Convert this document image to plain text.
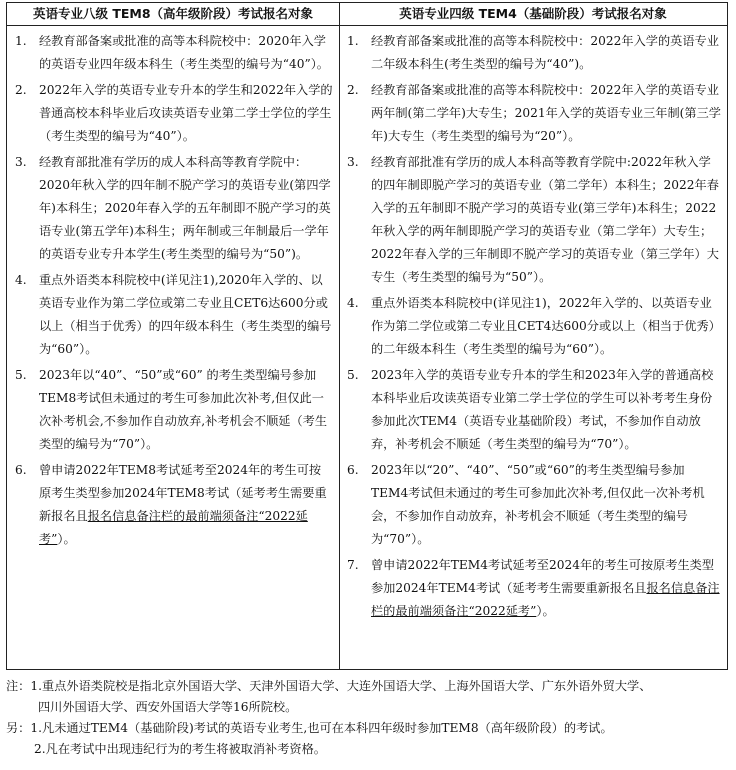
英语专业八级 TEM8（高年级阶段）考试报名对象
1. 经教育部备案或批准的高等本科院校中：2020年入学的英语专业四年级本科生（考生类型的编号为“40”）。
2. 2022年入学的英语专业专升本的学生和2022年入学的普通高校本科毕业后攻读英语专业第二学士学位的学生（考生类型的编号为“40”）。
3. 经教育部批准有学历的成人本科高等教育学院中：2020年秋入学的四年制不脱产学习的英语专业(第四学年)本科生；2020年春入学的五年制即不脱产学习的英语专业(第五学年)本科生；两年制或三年制最后一学年的英语专业专升本学生(考生类型的编号为“50”)。
4. 重点外语类本科院校中(详见注1),2020年入学的、以英语专业作为第二学位或第二专业且CET6达600分或以上（相当于优秀）的四年级本科生（考生类型的编号为“60”）。
5. 2023年以“40”、“50”或“60” 的考生类型编号参加TEM8考试但未通过的考生可参加此次补考,但仅此一次补考机会,不参加作自动放弃,补考机会不顺延（考生类型的编号为“70”）。
6. 曾申请2022年TEM8考试延考至2024年的考生可按原考生类型参加2024年TEM8考试（延考考生需要重新报名且报名信息备注栏的最前端须备注“2022延考”）。
英语专业四级 TEM4（基础阶段）考试报名对象
1. 经教育部备案或批准的高等本科院校中：2022年入学的英语专业二年级本科生(考生类型的编号为“40”)。
2. 经教育部备案或批准的高等本科院校中：2022年入学的英语专业两年制(第二学年)大专生；2021年入学的英语专业三年制(第三学年)大专生（考生类型的编号为“20”）。
3. 经教育部批准有学历的成人本科高等教育学院中:2022年秋入学的四年制即脱产学习的英语专业（第二学年）本科生；2022年春入学的五年制即不脱产学习的英语专业(第三学年)本科生；2022年秋入学的两年制即脱产学习的英语专业（第二学年）大专生；2022年春入学的三年制即不脱产学习的英语专业（第三学年）大专生（考生类型的编号为“50”）。
4. 重点外语类本科院校中(详见注1)，2022年入学的、以英语专业作为第二学位或第二专业且CET4达600分或以上（相当于优秀）的二年级本科生（考生类型的编号为“60”）。
5. 2023年入学的英语专业专升本的学生和2023年入学的普通高校本科毕业后攻读英语专业第二学士学位的学生可以补考考生身份参加此次TEM4（英语专业基础阶段）考试，不参加作自动放弃，补考机会不顺延（考生类型的编号为“70”）。
6. 2023年以“20”、“40”、“50”或“60”的考生类型编号参加TEM4考试但未通过的考生可参加此次补考,但仅此一次补考机会，不参加作自动放弃，补考机会不顺延（考生类型的编号为“70”）。
7. 曾申请2022年TEM4考试延考至2024年的考生可按原考生类型参加2024年TEM4考试（延考考生需要重新报名且报名信息备注栏的最前端须备注“2022延考”）。
注：1.重点外语类院校是指北京外国语大学、天津外国语大学、大连外国语大学、上海外国语大学、广东外语外贸大学、
四川外国语大学、西安外国语大学等16所院校。
另：1.凡未通过TEM4（基础阶段)考试的英语专业考生,也可在本科四年级时参加TEM8（高年级阶段）的考试。
2.凡在考试中出现违纪行为的考生将被取消补考资格。
